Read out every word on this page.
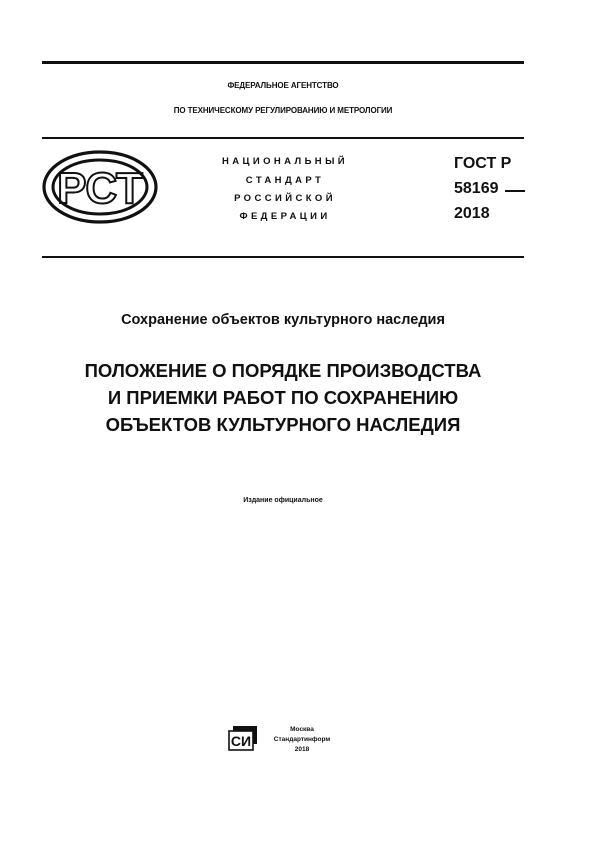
ФЕДЕРАЛЬНОЕ АГЕНТСТВО
ПО ТЕХНИЧЕСКОМУ РЕГУЛИРОВАНИЮ И МЕТРОЛОГИИ
РСТ
НАЦИОНАЛЬНЫЙ
СТАНДАРТ
РОССИЙСКОЙ
ФЕДЕРАЦИИ
ГОСТ Р
58169
2018
Сохранение объектов культурного наследия
ПОЛОЖЕНИЕ О ПОРЯДКЕ ПРОИЗВОДСТВА
И ПРИЕМКИ РАБОТ ПО СОХРАНЕНИЮ
ОБЪЕКТОВ КУЛЬТУРНОГО НАСЛЕДИЯ
Издание официальное
СИ
Москва
Стандартинформ
2018
